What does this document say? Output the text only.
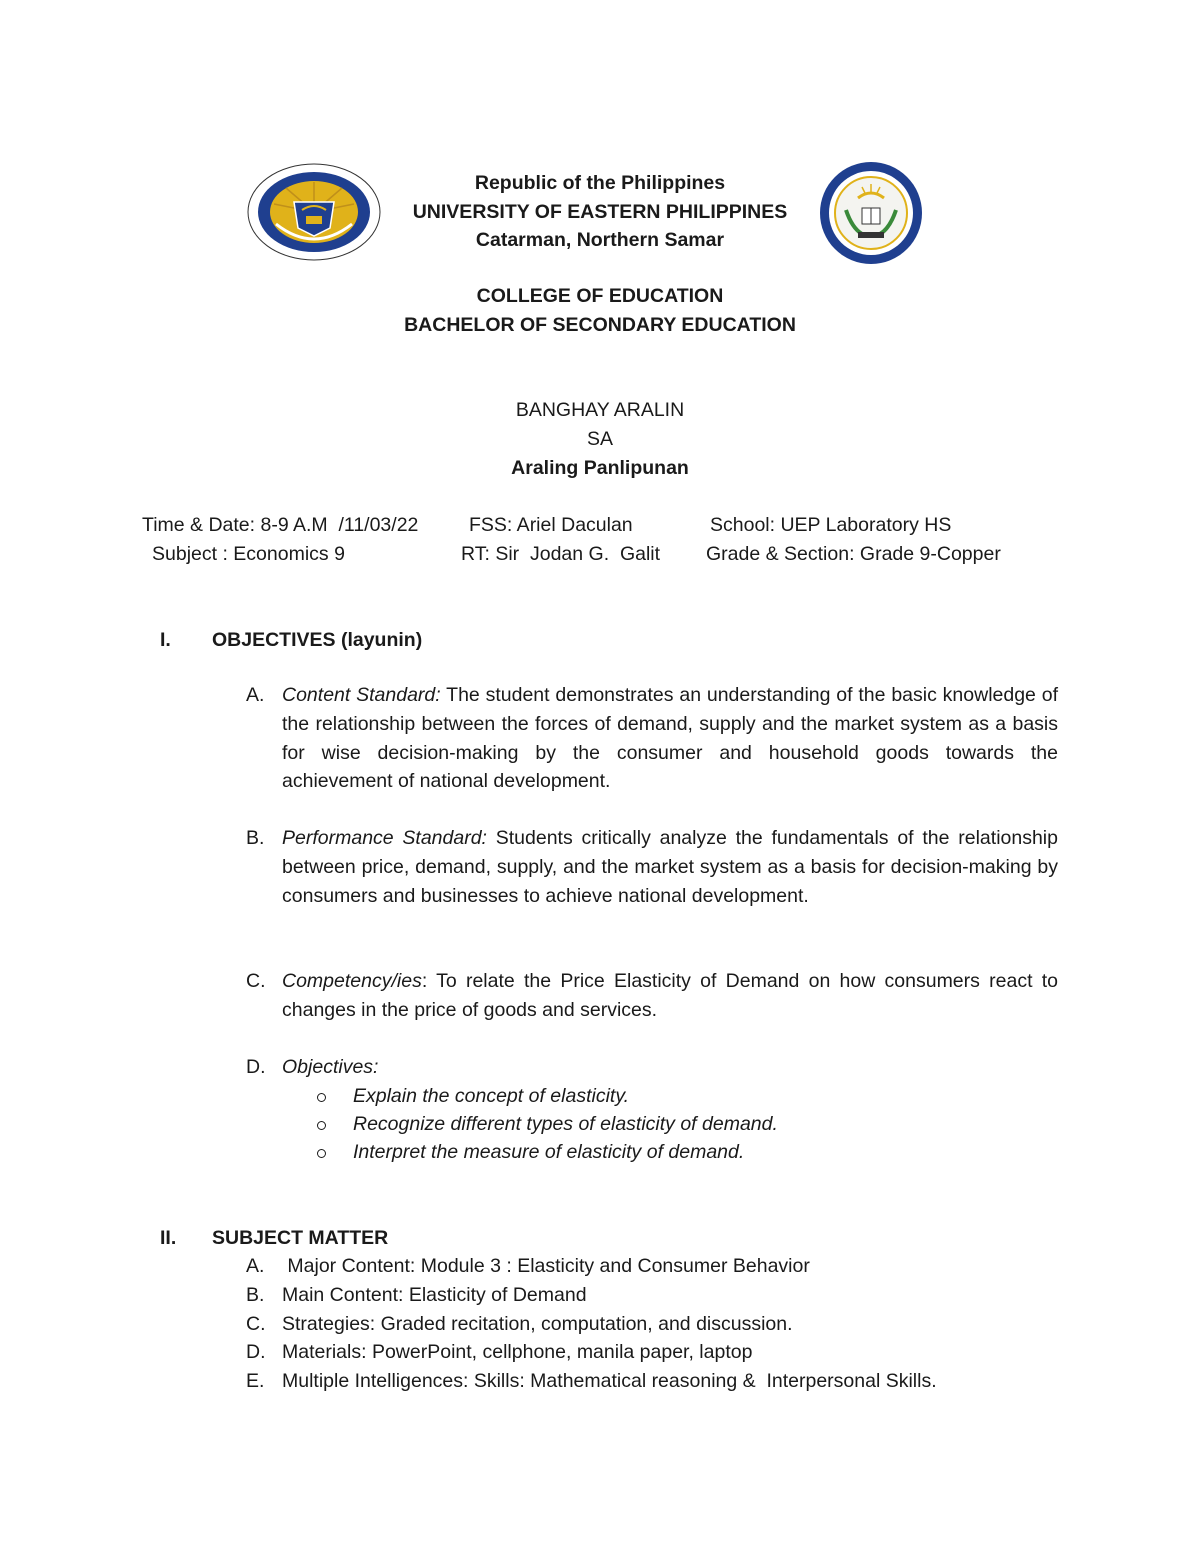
Republic of the Philippines
UNIVERSITY OF EASTERN PHILIPPINES
Catarman, Northern Samar
COLLEGE OF EDUCATION
BACHELOR OF SECONDARY EDUCATION
BANGHAY ARALIN
SA
Araling Panlipunan
Time & Date: 8-9 A.M  /11/03/22	FSS: Ariel Daculan	School: UEP Laboratory HS
Subject : Economics 9	RT: Sir  Jodan G.  Galit Grade & Section: Grade 9-Copper
I. OBJECTIVES (layunin)
A. Content Standard: The student demonstrates an understanding of the basic knowledge of the relationship between the forces of demand, supply and the market system as a basis for wise decision-making by the consumer and household goods towards the achievement of national development.
B. Performance Standard: Students critically analyze the fundamentals of the relationship between price, demand, supply, and the market system as a basis for decision-making by consumers and businesses to achieve national development.
C. Competency/ies: To relate the Price Elasticity of Demand on how consumers react to changes in the price of goods and services.
D. Objectives:
Explain the concept of elasticity.
Recognize different types of elasticity of demand.
Interpret the measure of elasticity of demand.
II. SUBJECT MATTER
A. Major Content: Module 3 : Elasticity and Consumer Behavior
B. Main Content: Elasticity of Demand
C. Strategies: Graded recitation, computation, and discussion.
D. Materials: PowerPoint, cellphone, manila paper, laptop
E. Multiple Intelligences: Skills: Mathematical reasoning &  Interpersonal Skills.
